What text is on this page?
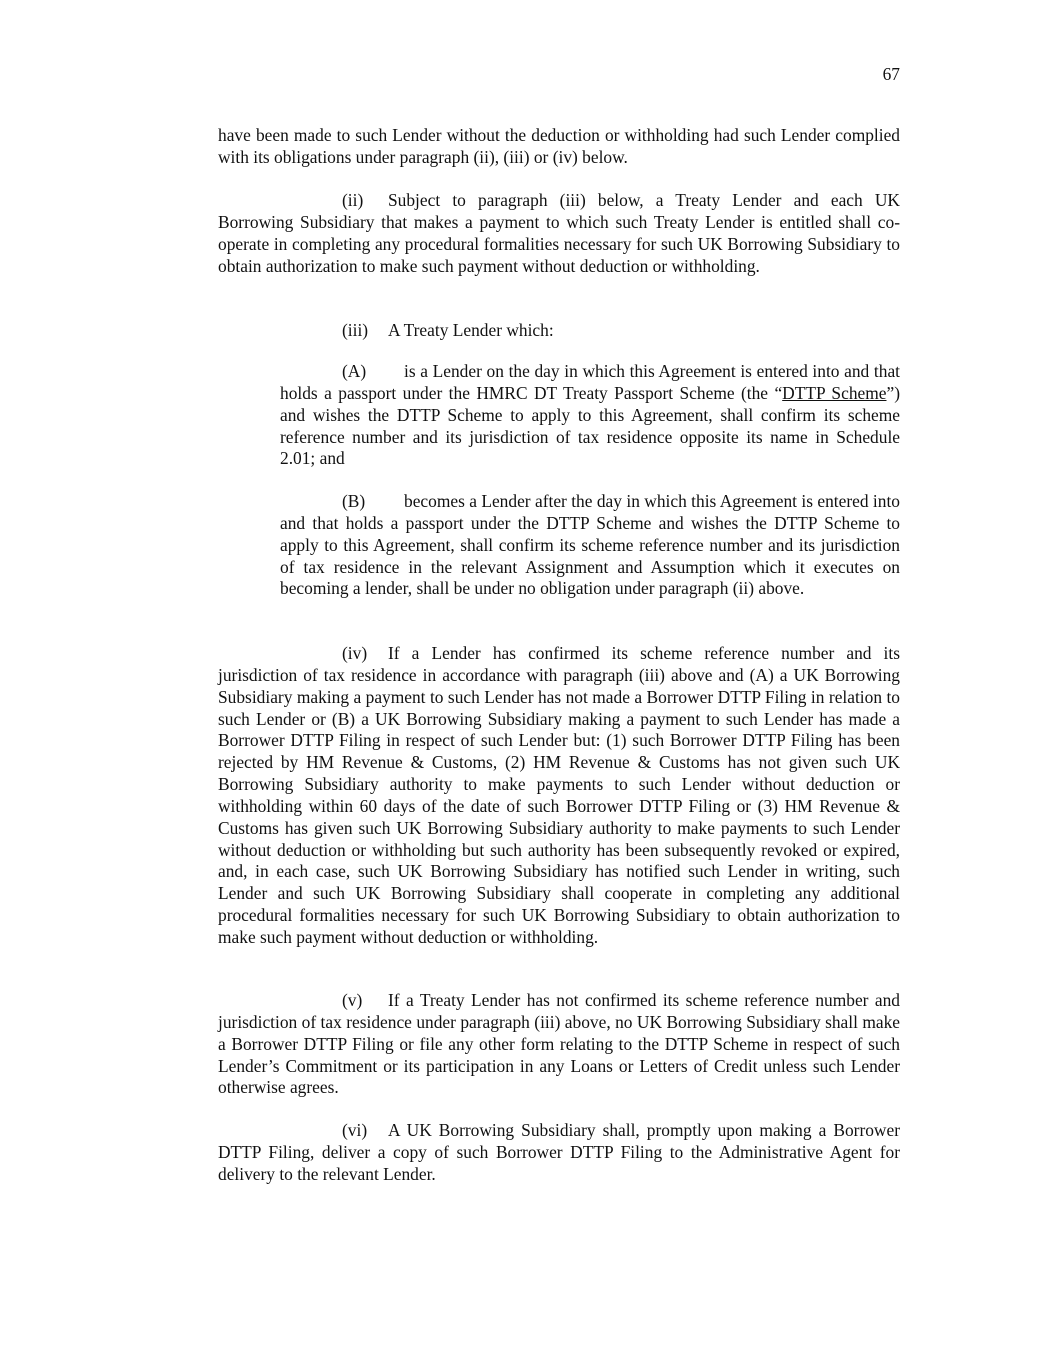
67

have been made to such Lender without the deduction or withholding had such Lender complied with its obligations under paragraph (ii), (iii) or (iv) below.

(ii) Subject to paragraph (iii) below, a Treaty Lender and each UK Borrowing Subsidiary that makes a payment to which such Treaty Lender is entitled shall co-operate in completing any procedural formalities necessary for such UK Borrowing Subsidiary to obtain authorization to make such payment without deduction or withholding.

(iii) A Treaty Lender which:

(A) is a Lender on the day in which this Agreement is entered into and that holds a passport under the HMRC DT Treaty Passport Scheme (the “DTTP Scheme”) and wishes the DTTP Scheme to apply to this Agreement, shall confirm its scheme reference number and its jurisdiction of tax residence opposite its name in Schedule 2.01; and

(B) becomes a Lender after the day in which this Agreement is entered into and that holds a passport under the DTTP Scheme and wishes the DTTP Scheme to apply to this Agreement, shall confirm its scheme reference number and its jurisdiction of tax residence in the relevant Assignment and Assumption which it executes on becoming a lender, shall be under no obligation under paragraph (ii) above.

(iv) If a Lender has confirmed its scheme reference number and its jurisdiction of tax residence in accordance with paragraph (iii) above and (A) a UK Borrowing Subsidiary making a payment to such Lender has not made a Borrower DTTP Filing in relation to such Lender or (B) a UK Borrowing Subsidiary making a payment to such Lender has made a Borrower DTTP Filing in respect of such Lender but: (1) such Borrower DTTP Filing has been rejected by HM Revenue & Customs, (2) HM Revenue & Customs has not given such UK Borrowing Subsidiary authority to make payments to such Lender without deduction or withholding within 60 days of the date of such Borrower DTTP Filing or (3) HM Revenue & Customs has given such UK Borrowing Subsidiary authority to make payments to such Lender without deduction or withholding but such authority has been subsequently revoked or expired, and, in each case, such UK Borrowing Subsidiary has notified such Lender in writing, such Lender and such UK Borrowing Subsidiary shall cooperate in completing any additional procedural formalities necessary for such UK Borrowing Subsidiary to obtain authorization to make such payment without deduction or withholding.

(v) If a Treaty Lender has not confirmed its scheme reference number and jurisdiction of tax residence under paragraph (iii) above, no UK Borrowing Subsidiary shall make a Borrower DTTP Filing or file any other form relating to the DTTP Scheme in respect of such Lender’s Commitment or its participation in any Loans or Letters of Credit unless such Lender otherwise agrees.

(vi) A UK Borrowing Subsidiary shall, promptly upon making a Borrower DTTP Filing, deliver a copy of such Borrower DTTP Filing to the Administrative Agent for delivery to the relevant Lender.
